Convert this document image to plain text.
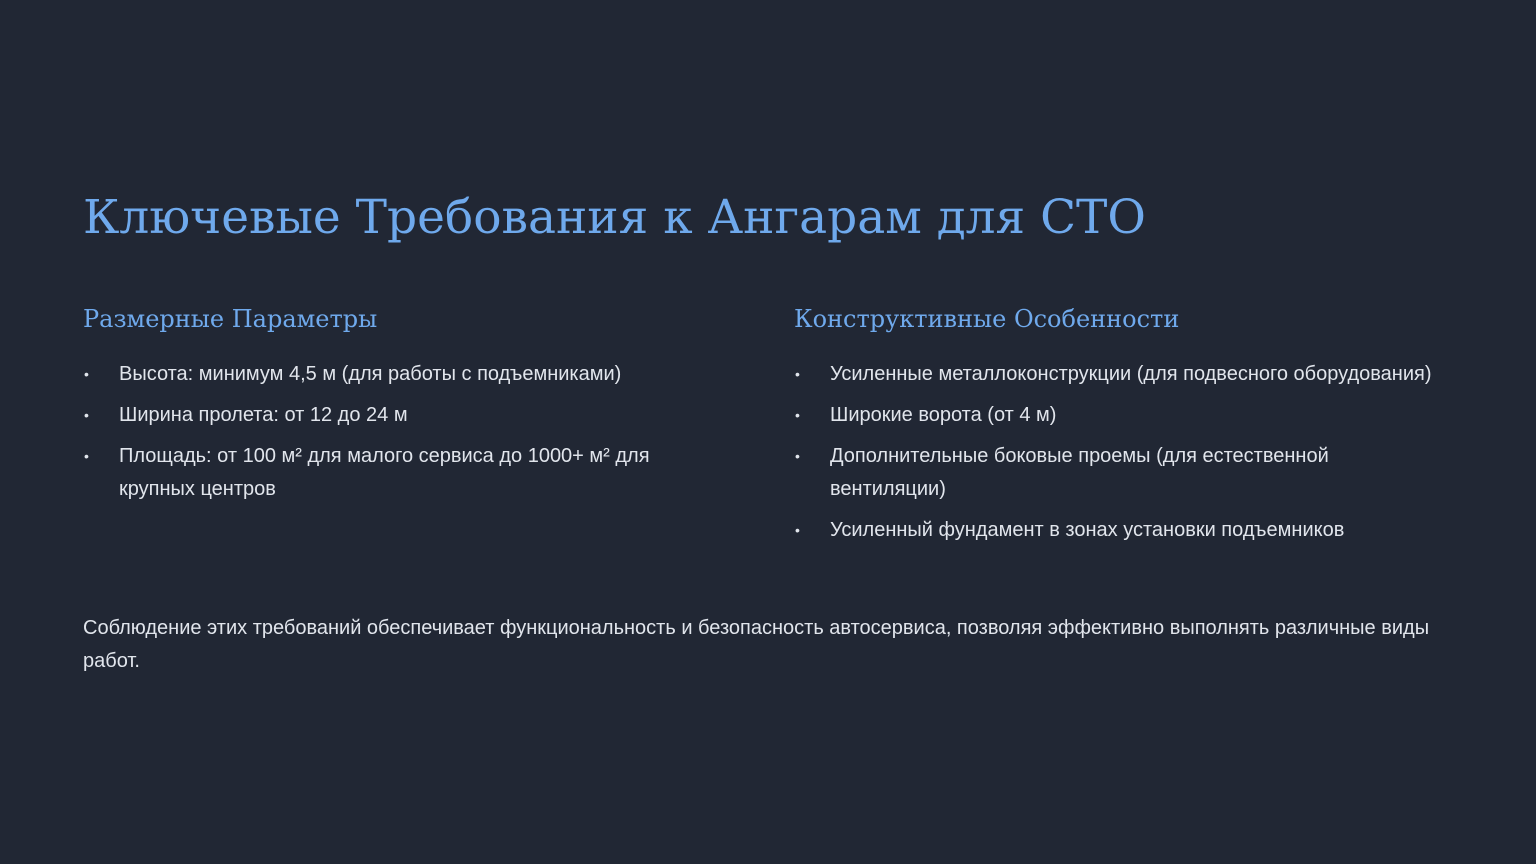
Ключевые Требования к Ангарам для СТО
Размерные Параметры
• Высота: минимум 4,5 м (для работы с подъемниками)
• Ширина пролета: от 12 до 24 м
• Площадь: от 100 м² для малого сервиса до 1000+ м² для крупных центров
Конструктивные Особенности
• Усиленные металлоконструкции (для подвесного оборудования)
• Широкие ворота (от 4 м)
• Дополнительные боковые проемы (для естественной вентиляции)
• Усиленный фундамент в зонах установки подъемников

Соблюдение этих требований обеспечивает функциональность и безопасность автосервиса, позволяя эффективно выполнять различные виды работ.
